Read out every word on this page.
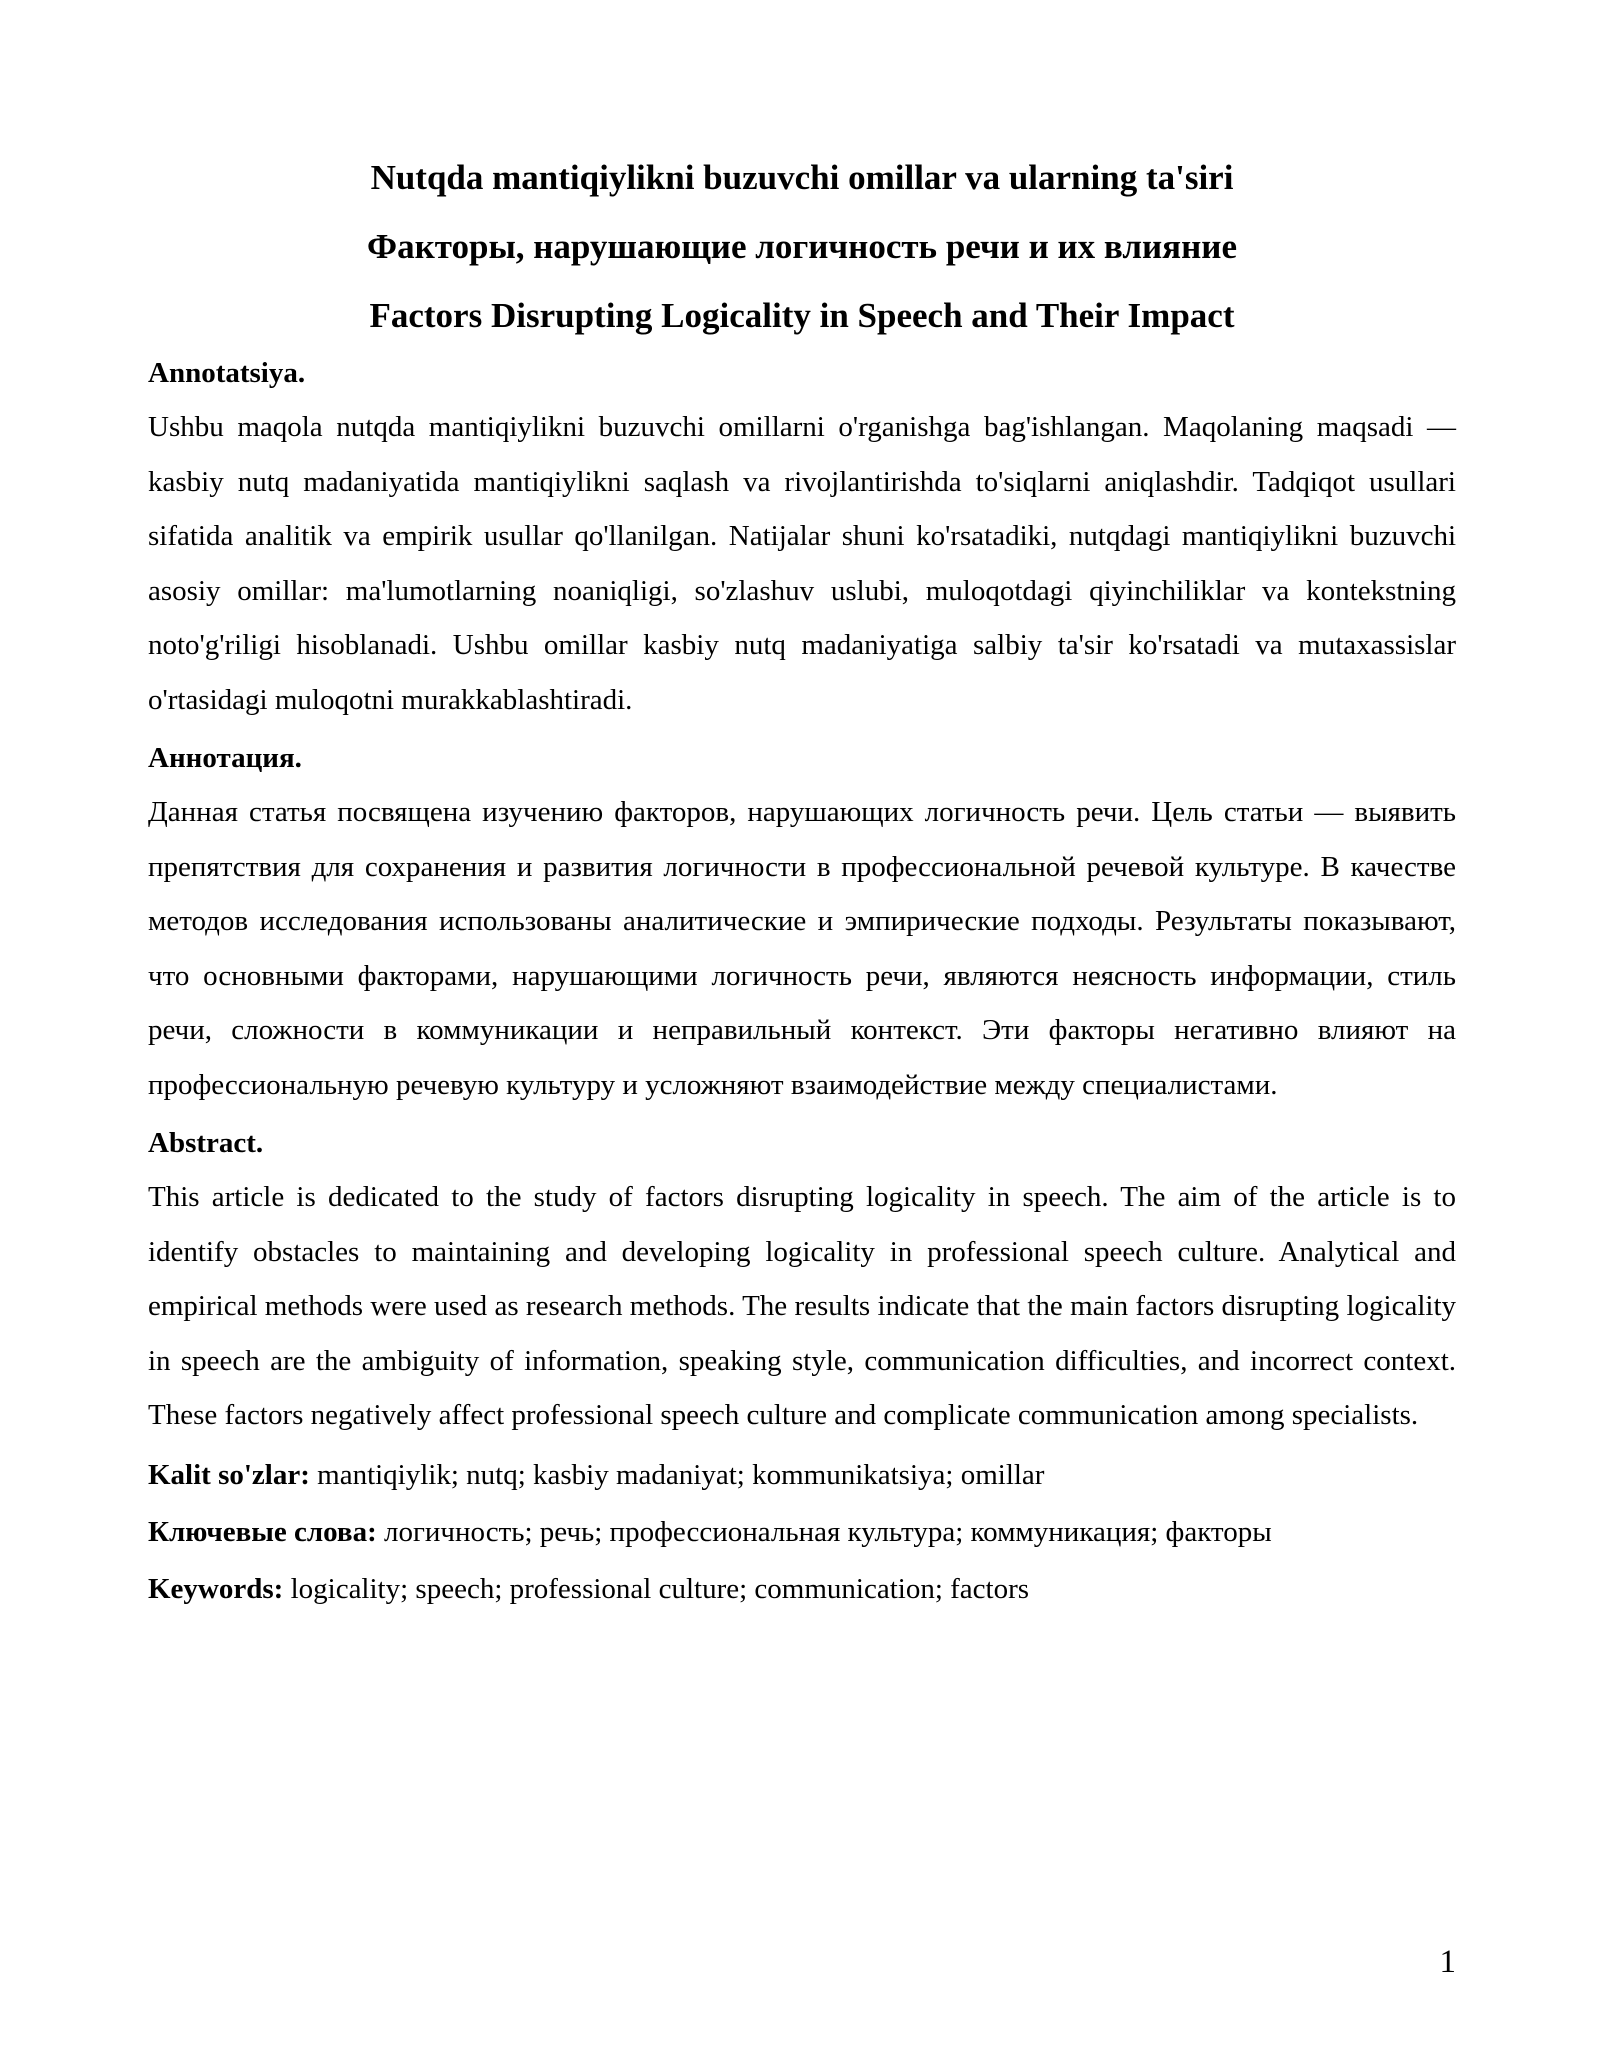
Nutqda mantiqiylikni buzuvchi omillar va ularning ta'siri

Факторы, нарушающие логичность речи и их влияние

Factors Disrupting Logicality in Speech and Their Impact

Annotatsiya.

Ushbu maqola nutqda mantiqiylikni buzuvchi omillarni o'rganishga bag'ishlangan. Maqolaning maqsadi — kasbiy nutq madaniyatida mantiqiylikni saqlash va rivojlantirishda to'siqlarni aniqlashdir. Tadqiqot usullari sifatida analitik va empirik usullar qo'llanilgan. Natijalar shuni ko'rsatadiki, nutqdagi mantiqiylikni buzuvchi asosiy omillar: ma'lumotlarning noaniqligi, so'zlashuv uslubi, muloqotdagi qiyinchiliklar va kontekstning noto'g'riligi hisoblanadi. Ushbu omillar kasbiy nutq madaniyatiga salbiy ta'sir ko'rsatadi va mutaxassislar o'rtasidagi muloqotni murakkablashtiradi.

Аннотация.

Данная статья посвящена изучению факторов, нарушающих логичность речи. Цель статьи — выявить препятствия для сохранения и развития логичности в профессиональной речевой культуре. В качестве методов исследования использованы аналитические и эмпирические подходы. Результаты показывают, что основными факторами, нарушающими логичность речи, являются неясность информации, стиль речи, сложности в коммуникации и неправильный контекст. Эти факторы негативно влияют на профессиональную речевую культуру и усложняют взаимодействие между специалистами.

Abstract.

This article is dedicated to the study of factors disrupting logicality in speech. The aim of the article is to identify obstacles to maintaining and developing logicality in professional speech culture. Analytical and empirical methods were used as research methods. The results indicate that the main factors disrupting logicality in speech are the ambiguity of information, speaking style, communication difficulties, and incorrect context. These factors negatively affect professional speech culture and complicate communication among specialists.

Kalit so'zlar: mantiqiylik; nutq; kasbiy madaniyat; kommunikatsiya; omillar

Ключевые слова: логичность; речь; профессиональная культура; коммуникация; факторы

Keywords: logicality; speech; professional culture; communication; factors

1
